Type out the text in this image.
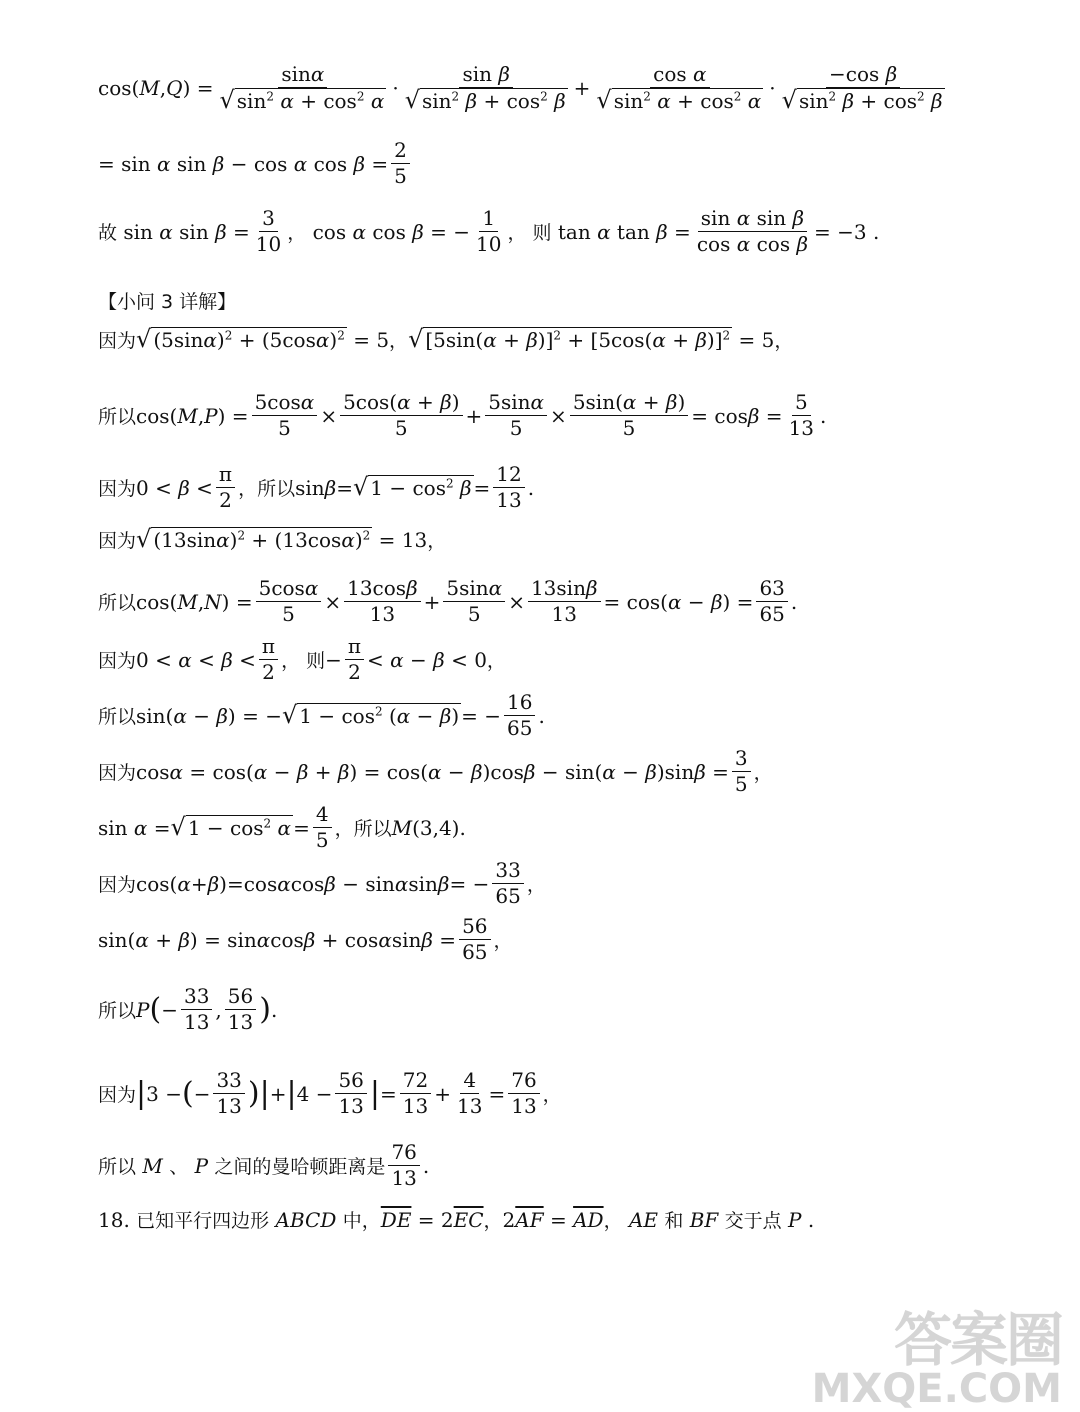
$\cos(M,Q) = \frac{\sin\alpha}{√ \sin^2 \alpha + \cos^2 \alpha}$ ·
sin β
√ $\sin^2 \beta + \cos^2 \beta$
+ $\frac{\text{cos α}}{√ \sin^2 \alpha + \cos^2 \alpha}$ ·
−cos β
√ $\sin^2 \beta + \cos^2 \beta$
= sin α sin β − cos α $\cos \beta = \frac{2}{5}$
故 sin α $\sin \beta = \frac{3}{10}$ ， cos α cos β = − $\frac{1}{10}$ ， 则 tan α $\tan \beta = \frac{\text{sin α sin β}}{\text{cos α cos β}} = -3$ .
【小问 3 详解】
因为 √ $(5\sin\alpha)^2 + (5\cos\alpha)^2 = 5$ ， √ $[5\sin(\alpha + \beta)]^2 + [5\cos(\alpha + \beta)]^2 = 5$ ，
所以 $\cos(M,P) = \frac{5\cos\alpha}{5} \times \frac{5\cos(\alpha + \beta)}{5} + \frac{5\sin\alpha}{5} \times \frac{5\sin(\alpha + \beta)}{5} = \cos\beta = \frac{5}{13}$ .
因为 0 < β <
π
2 ，所以 sinβ= √ $1 - \cos^2 \beta = \frac{12}{13}$ .
因为 √ $(13\sin\alpha)^2 + (13\cos\alpha)^2 = 13$ ，
所以 $\cos(M,N) = \frac{5\cos\alpha}{5} \times \frac{13\cos\beta}{13} + \frac{5\sin\alpha}{5} \times \frac{13\sin\beta}{13} = \cos(\alpha - \beta) = \frac{63}{65}$ .
因为 0 < α < β <
π
2 ， 则 − $\frac{\pi}{2} < \alpha - \beta < 0$ ，
所以 sin(α − β) = − √ $1 - \cos^2 (\alpha - \beta)$ = − $\frac{16}{65}$ .
因为 $\cos\alpha = \cos(\alpha - \beta + \beta) = \cos(\alpha - \beta)\cos\beta - \sin(\alpha - \beta)\sin\beta = \frac{3}{5}$ ，
sin α = √ $1 - \cos^2 \alpha = \frac{4}{5}$ ，所以 M(3,4).
因为 $\cos(\alpha+\beta)=\cos\alpha\cos\beta - \sin\alpha\sin\beta= - \frac{33}{65}$ ，
$\sin(\alpha + \beta) = \sin\alpha\cos\beta + \cos\alpha\sin\beta = \frac{56}{65}$ ，
所以 P ( − $\frac{33}{13}$ ,
56
13 ) .
因为 | 3 − ( − $\frac{33}{13}$ ) | + | $4 - \frac{56}{13}$ | = $\frac{72}{13} + \frac{4}{13} = \frac{76}{13}$ ，
所以 M 、 P 之间的曼哈顿距离是
76
13
.
18. 已知平行四边形 ABCD 中， $\overline{DE} = 2\overline{EC}$ ， $2\overline{AF} = \overline{AD}$ ， AE 和 BF 交于点 P .
答案圈
MXQE.COM
